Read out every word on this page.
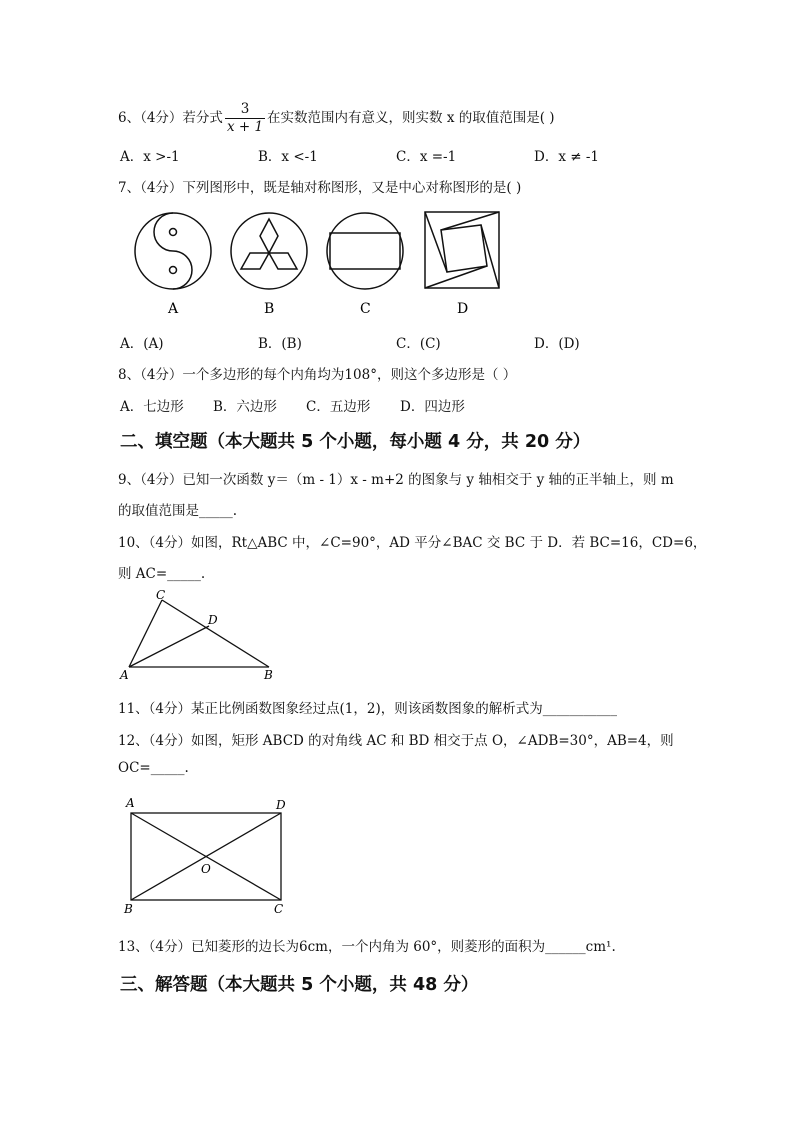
6、（4分）若分式 $\frac{3}{x + 1}$ 在实数范围内有意义，则实数 x 的取值范围是( )
A．x >-1	B．x <-1	C．x =-1	D．x ≠ -1
7、（4分）下列图形中，既是轴对称图形，又是中心对称图形的是( )
A	B	C	D
A．(A)	B．(B)	C．(C)	D．(D)
8、（4分）一个多边形的每个内角均为108°，则这个多边形是（ ）
A．七边形 B．六边形 C．五边形 D．四边形
二、填空题（本大题共 5 个小题，每小题 4 分，共 20 分）
9、（4分）已知一次函数 y＝（m - 1）x - m+2 的图象与 y 轴相交于 y 轴的正半轴上，则 m
的取值范围是_____.
10、（4分）如图，Rt△ABC 中，∠C=90°，AD 平分∠BAC 交 BC 于 D．若 BC=16，CD=6，
则 AC=_____.
C
D
A	B
11、（4分）某正比例函数图象经过点(1，2)，则该函数图象的解析式为___________
12、（4分）如图，矩形 ABCD 的对角线 AC 和 BD 相交于点 O，∠ADB=30°，AB=4，则
OC=_____.
A	D
O
B	C
13、（4分）已知菱形的边长为6cm，一个内角为 60°，则菱形的面积为______cm¹.
三、解答题（本大题共 5 个小题，共 48 分）
